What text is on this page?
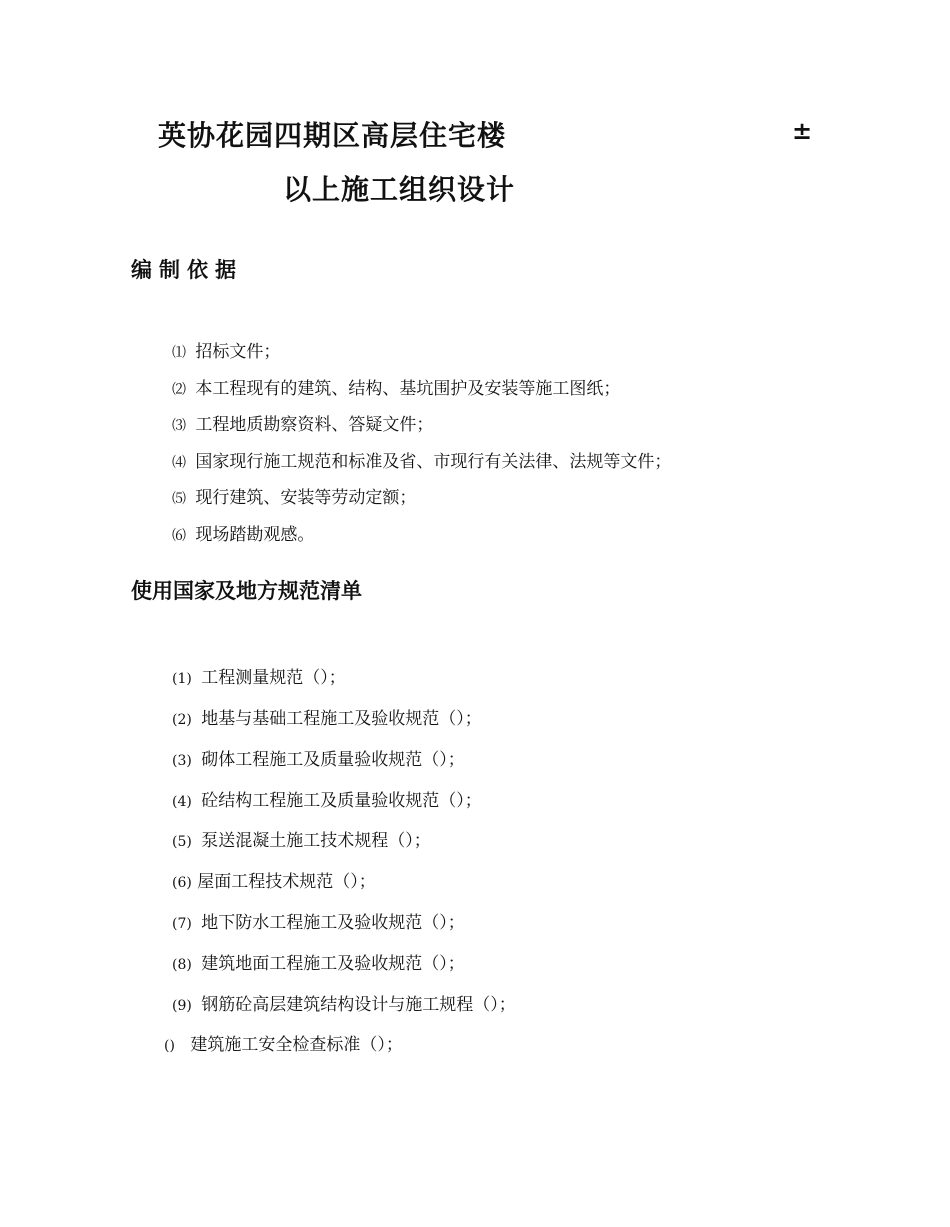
英协花园四期区高层住宅楼	±
以上施工组织设计
编制依据
⑴ 招标文件；
⑵ 本工程现有的建筑、结构、基坑围护及安装等施工图纸；
⑶ 工程地质勘察资料、答疑文件；
⑷ 国家现行施工规范和标准及省、市现行有关法律、法规等文件；
⑸ 现行建筑、安装等劳动定额；
⑹ 现场踏勘观感。
使用国家及地方规范清单
(1) 工程测量规范（）；
(2) 地基与基础工程施工及验收规范（）；
(3) 砌体工程施工及质量验收规范（）；
(4) 砼结构工程施工及质量验收规范（）；
(5) 泵送混凝土施工技术规程（）；
(6) 屋面工程技术规范（）；
(7) 地下防水工程施工及验收规范（）；
(8) 建筑地面工程施工及验收规范（）；
(9) 钢筋砼高层建筑结构设计与施工规程（）；
() 建筑施工安全检查标准（）；
